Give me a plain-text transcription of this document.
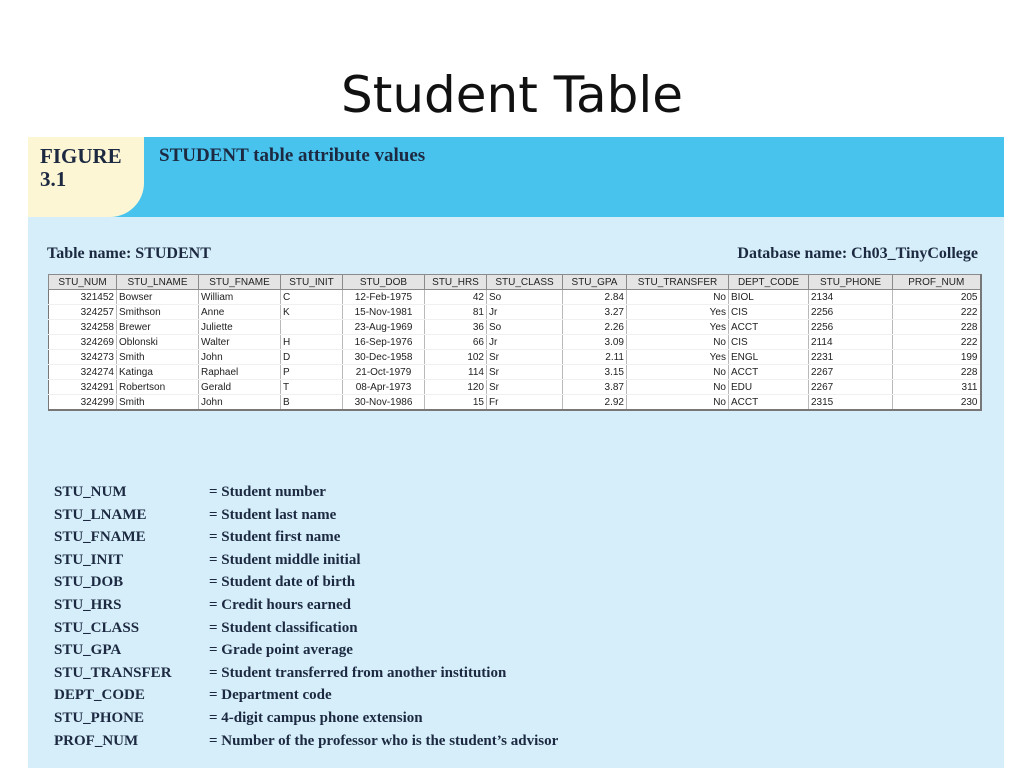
Student Table
FIGURE 3.1
STUDENT table attribute values
Table name: STUDENT	Database name: Ch03_TinyCollege
STU_NUM	STU_LNAME	STU_FNAME	STU_INIT	STU_DOB	STU_HRS	STU_CLASS	STU_GPA	STU_TRANSFER	DEPT_CODE	STU_PHONE	PROF_NUM
321452	Bowser	William	C	12-Feb-1975	42	So	2.84	No	BIOL	2134	205
324257	Smithson	Anne	K	15-Nov-1981	81	Jr	3.27	Yes	CIS	2256	222
324258	Brewer	Juliette		23-Aug-1969	36	So	2.26	Yes	ACCT	2256	228
324269	Oblonski	Walter	H	16-Sep-1976	66	Jr	3.09	No	CIS	2114	222
324273	Smith	John	D	30-Dec-1958	102	Sr	2.11	Yes	ENGL	2231	199
324274	Katinga	Raphael	P	21-Oct-1979	114	Sr	3.15	No	ACCT	2267	228
324291	Robertson	Gerald	T	08-Apr-1973	120	Sr	3.87	No	EDU	2267	311
324299	Smith	John	B	30-Nov-1986	15	Fr	2.92	No	ACCT	2315	230
STU_NUM	= Student number
STU_LNAME	= Student last name
STU_FNAME	= Student first name
STU_INIT	= Student middle initial
STU_DOB	= Student date of birth
STU_HRS	= Credit hours earned
STU_CLASS	= Student classification
STU_GPA	= Grade point average
STU_TRANSFER = Student transferred from another institution
DEPT_CODE	= Department code
STU_PHONE	= 4-digit campus phone extension
PROF_NUM	= Number of the professor who is the student’s advisor
